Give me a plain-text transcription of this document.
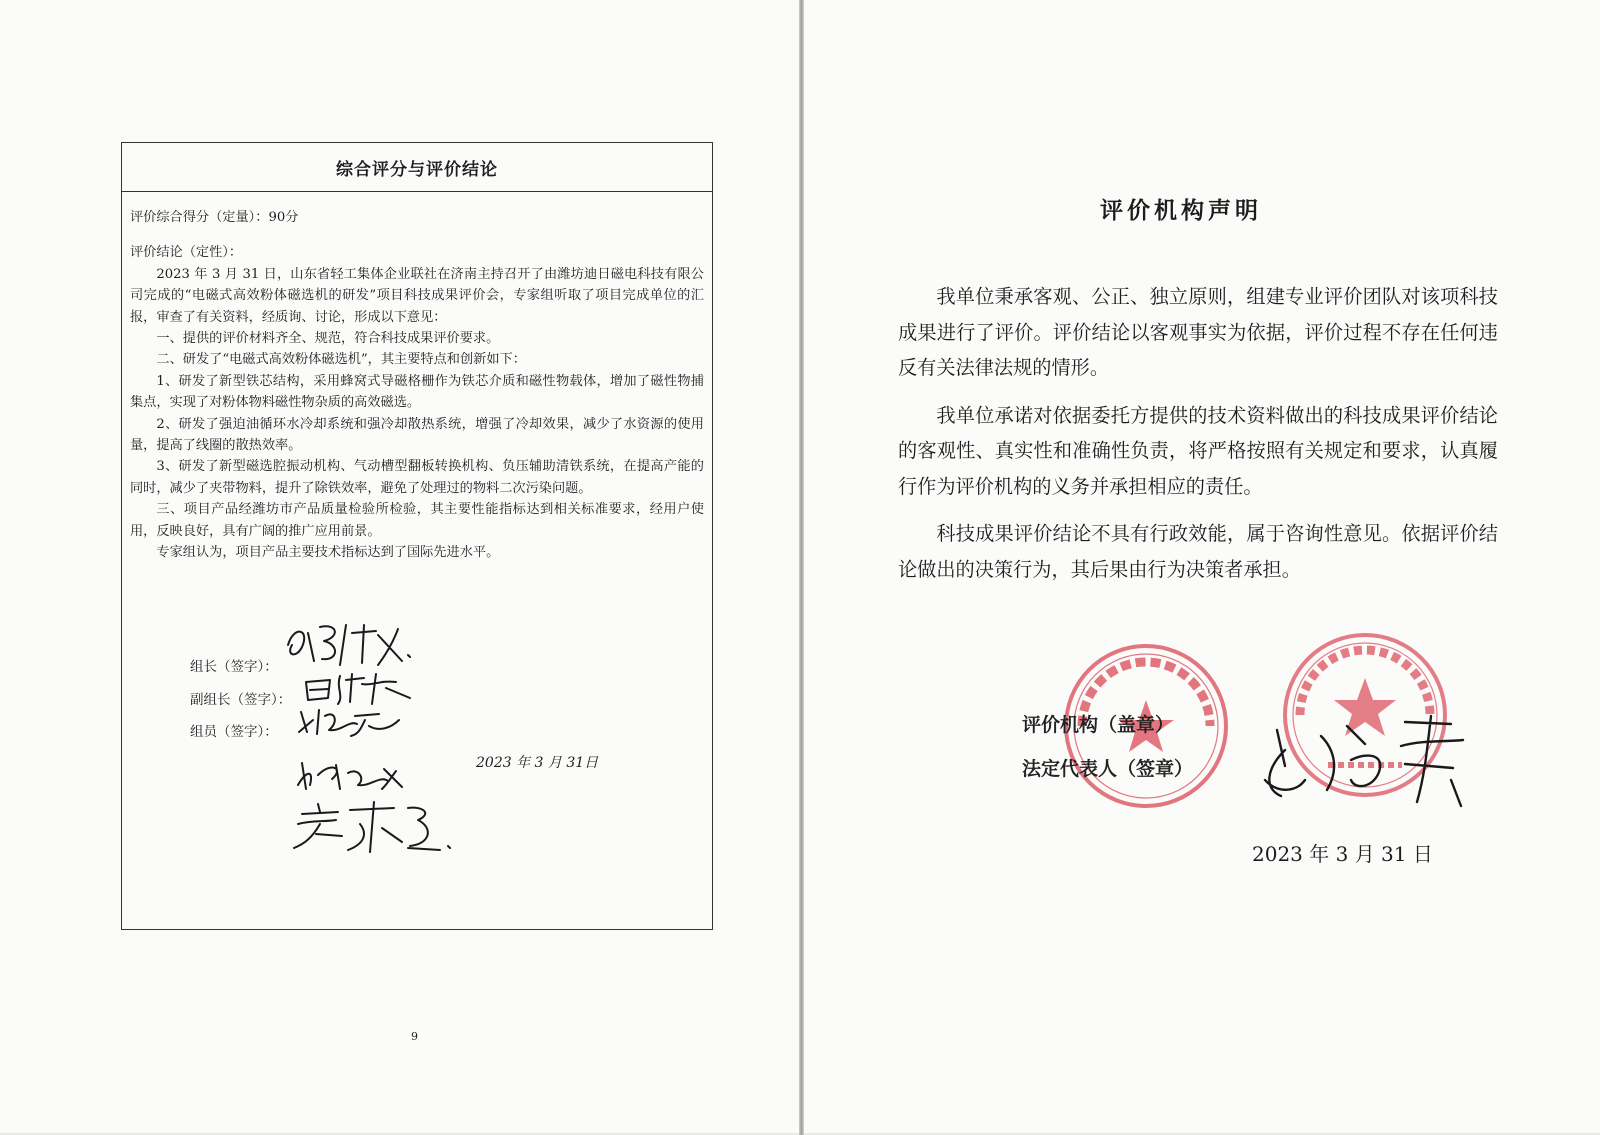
综合评分与评价结论

评价综合得分（定量）：90分

评价结论（定性）：

2023 年 3 月 31 日，山东省轻工集体企业联社在济南主持召开了由潍坊迪日磁电科技有限公司完成的“电磁式高效粉体磁选机的研发”项目科技成果评价会，专家组听取了项目完成单位的汇报，审查了有关资料，经质询、讨论，形成以下意见：

一、提供的评价材料齐全、规范，符合科技成果评价要求。

二、研发了“电磁式高效粉体磁选机”，其主要特点和创新如下：

1、研发了新型铁芯结构，采用蜂窝式导磁格栅作为铁芯介质和磁性物载体，增加了磁性物捕集点，实现了对粉体物料磁性物杂质的高效磁选。

2、研发了强迫油循环水冷却系统和强冷却散热系统，增强了冷却效果，减少了水资源的使用量，提高了线圈的散热效率。

3、研发了新型磁选腔振动机构、气动槽型翻板转换机构、负压辅助清铁系统，在提高产能的同时，减少了夹带物料，提升了除铁效率，避免了处理过的物料二次污染问题。

三、项目产品经潍坊市产品质量检验所检验，其主要性能指标达到相关标准要求，经用户使用，反映良好，具有广阔的推广应用前景。

专家组认为，项目产品主要技术指标达到了国际先进水平。

组长（签字）：
副组长（签字）：
组员（签字）：
2023 年 3 月 31日
9
评价机构声明

我单位秉承客观、公正、独立原则，组建专业评价团队对该项科技成果进行了评价。评价结论以客观事实为依据，评价过程不存在任何违反有关法律法规的情形。

我单位承诺对依据委托方提供的技术资料做出的科技成果评价结论的客观性、真实性和准确性负责，将严格按照有关规定和要求，认真履行作为评价机构的义务并承担相应的责任。

科技成果评价结论不具有行政效能，属于咨询性意见。依据评价结论做出的决策行为，其后果由行为决策者承担。

评价机构（盖章）
法定代表人（签章）
2023 年 3 月 31 日
